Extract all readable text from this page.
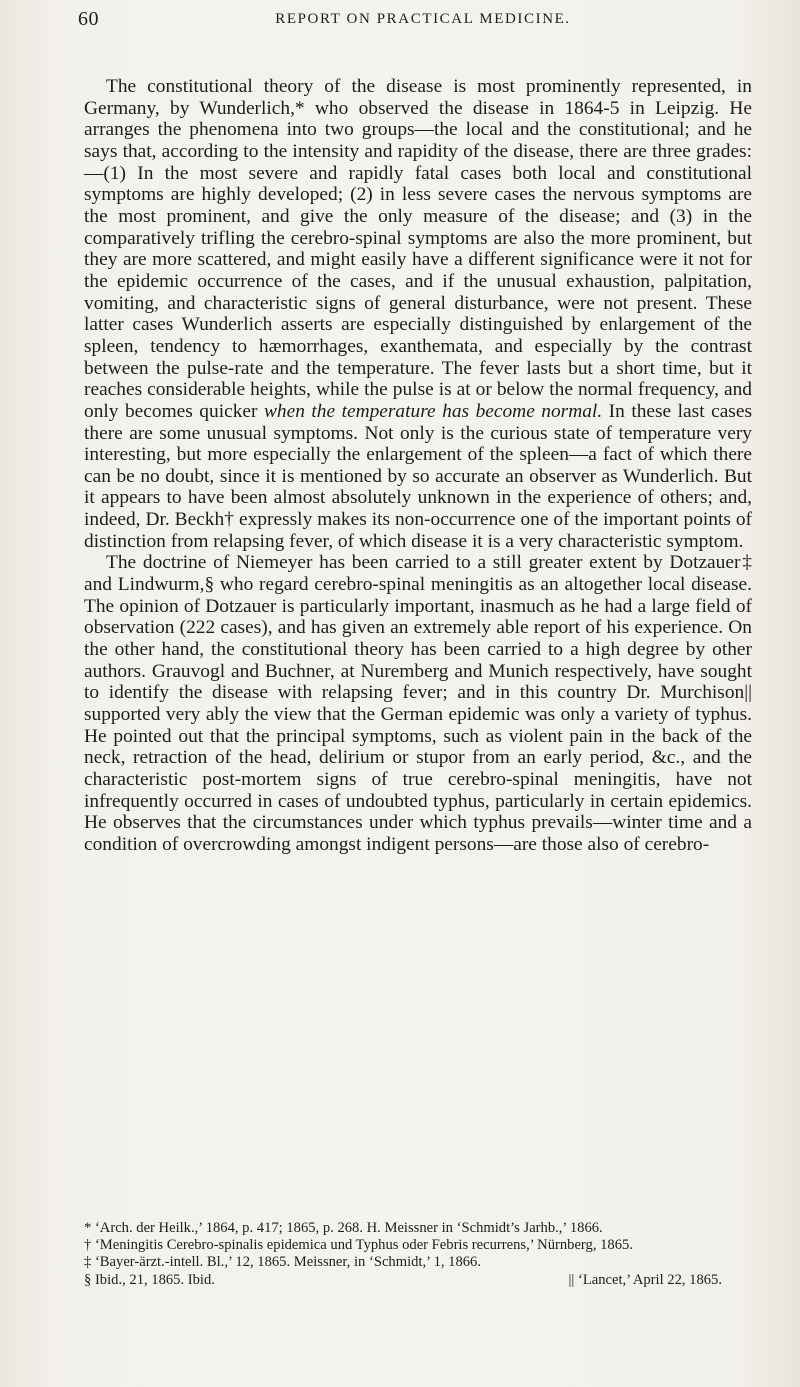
60	REPORT ON PRACTICAL MEDICINE.

The constitutional theory of the disease is most prominently represented, in Germany, by Wunderlich,* who observed the disease in 1864-5 in Leipzig. He arranges the phenomena into two groups—the local and the constitutional; and he says that, according to the intensity and rapidity of the disease, there are three grades:—(1) In the most severe and rapidly fatal cases both local and constitutional symptoms are highly developed; (2) in less severe cases the nervous symptoms are the most prominent, and give the only measure of the disease; and (3) in the comparatively trifling the cerebro-spinal symptoms are also the more prominent, but they are more scattered, and might easily have a different significance were it not for the epidemic occurrence of the cases, and if the unusual exhaustion, palpitation, vomiting, and characteristic signs of general disturbance, were not present. These latter cases Wunderlich asserts are especially distinguished by enlargement of the spleen, tendency to hæmorrhages, exanthemata, and especially by the contrast between the pulse-rate and the temperature. The fever lasts but a short time, but it reaches considerable heights, while the pulse is at or below the normal frequency, and only becomes quicker when the temperature has become normal. In these last cases there are some unusual symptoms. Not only is the curious state of temperature very interesting, but more especially the enlargement of the spleen—a fact of which there can be no doubt, since it is mentioned by so accurate an observer as Wunderlich. But it appears to have been almost absolutely unknown in the experience of others; and, indeed, Dr. Beckh† expressly makes its non-occurrence one of the important points of distinction from relapsing fever, of which disease it is a very characteristic symptom.

The doctrine of Niemeyer has been carried to a still greater extent by Dotzauer‡ and Lindwurm,§ who regard cerebro-spinal meningitis as an altogether local disease. The opinion of Dotzauer is particularly important, inasmuch as he had a large field of observation (222 cases), and has given an extremely able report of his experience. On the other hand, the constitutional theory has been carried to a high degree by other authors. Grauvogl and Buchner, at Nuremberg and Munich respectively, have sought to identify the disease with relapsing fever; and in this country Dr. Murchison|| supported very ably the view that the German epidemic was only a variety of typhus. He pointed out that the principal symptoms, such as violent pain in the back of the neck, retraction of the head, delirium or stupor from an early period, &c., and the characteristic post-mortem signs of true cerebro-spinal meningitis, have not infrequently occurred in cases of undoubted typhus, particularly in certain epidemics. He observes that the circumstances under which typhus prevails—winter time and a condition of overcrowding amongst indigent persons—are those also of cerebro-

* ‘Arch. der Heilk.,’ 1864, p. 417; 1865, p. 268. H. Meissner in ‘Schmidt’s Jarhb.,’ 1866.

† ‘Meningitis Cerebro-spinalis epidemica und Typhus oder Febris recurrens,’ Nürnberg, 1865.

‡ ‘Bayer-ärzt.-intell. Bl.,’ 12, 1865. Meissner, in ‘Schmidt,’ 1, 1866.

§ Ibid., 21, 1865. Ibid.	|| ‘Lancet,’ April 22, 1865.
